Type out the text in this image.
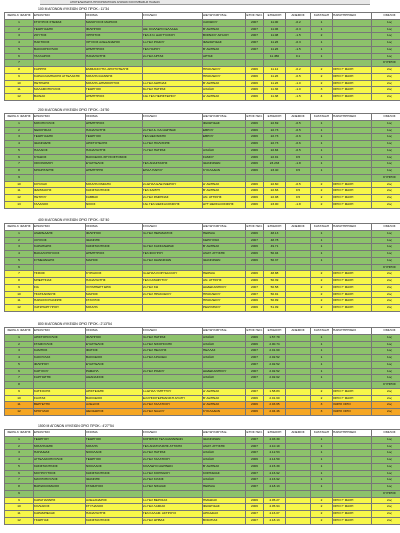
ΑΠΟΤΕΛΕΣΜΑΤΑ ΠΡΟΚΡΙΜΑΤΙΚΩΝ ΑΓΩΝΩΝ ΚΟΛΥΜΒΗΣΗΣ ΠΑΙΔΩΝ
100 Μ ΑΓΩΝΩΝ ΛΥΚΕΙΩΝ ΟΡΙΟ ΠΡΟΚ.: 11"34
ΣΕΙΡΑ Α' ΦΑΣΗΣ	ΕΠΩΝΥΜΟ	ΟΝΟΜΑ	ΣΧΟΛΕΙΟ	ΔΙΕΥΘΥΝΣΗ Β.Ε.	ΕΤΟΣ ΓΕΝ.	ΕΠΙΔΟΣΗ	ΑΝΕΜΟΣ	ΚΑΤΑΤΑΞΗ	ΠΑΡΑΤΗΡΗΣΕΙΣ	ΟΜΙΛΟΣ
1	ΣΤΟΥΡΟΣ ΣΤΕΦΑΣ	ΜΑΝΟΥΣΟΣ ΜΑΡΚΟΣ		ΛΑΣΙΘΙΟΥ	2007	11.00	-0.2	1		1ος
2	ΓΕΩΡΓΙΑΔΗΣ	ΦΙΛΙΠΠΟΣ	ΑΘ. ΚΟΛΛΕΓΙΟ ΕΛΛΑΔΑ	Β' ΑΘΗΝΑΣ	2007	11.06	-0.3	1		1ος
3	ΖΟΥΤΟΣ	ΧΡΗΣΤΟΣ	ΓΕΛ Ζ.Ν. ΔΑΚΤΥΛΙΚΟΥ	ΒΟΡΕΙΟΥ ΑΙΓΑΙΟΥ	2007	11.08	-1.5	2		1ος
4	ΠΑΚΤΙΚΟΣ	ΧΡΥΣΟΣ ΑΛΕΞΑΝΔΡΟΣ	1ο ΓΕΛ ΡΟΔΟΥ	ΦΑΘΙΩΤΙΔΑΣ	2007	11.26	-0.3	1		1ος
5	ΒΑΣΙΛΟΠΟΥΛΟΣ	ΔΗΜΗΤΡΙΟΣ	ΓΕΛ ΠΑΡΟΥ	Β' ΑΘΗΝΑΣ	2007	11.26	-1.5	1		1ος
6	ΤΑΛΛΑΡΟΣ	ΠΑΝΑΓΙΩΤΗΣ	2ο ΓΕΛ ΑΡΤΑΣ	ΑΡΤΑΣ		11.450	0.1	1		1ος
7										ΚΥΠΡΟΣ
8	ΣΑΡΡΗΣ	ΕΜΜΑΝΟΥΗΛ-ΑΡΙΣΤΟΤΕΛΗΣ		ΗΡΑΚΛΕΙΟΥ	2006	11.12	-0.2	2	ΟΡΙΟ Γ' ΦΑΣΗ	2ος
9	ΚΑΡΑΛΛΑΜΠΑΚΗΣ ΑΓΓΕΛΑΚΗΣ	ΜΙΧΑΗΛ ΙΩΑΝΝΗΣ		ΗΡΑΚΛΕΙΟΥ	2006	11.26	-0.5	2	ΟΡΙΟ Γ' ΦΑΣΗ	2ος
10	ΠΕΤΡΙΔΗΣ	ΜΙΧΑΗΛ-ΔΗΜΟΚΡΙΤΟΣ	1ο ΓΕΛ ΑΘΗΝΑΣ	Β' ΑΘΗΝΑΣ	2006	11.26	-1.0	2	ΟΡΙΟ Γ' ΦΑΣΗ	2ος
11	ΜΑΛΑΜΟΠΟΥΛΟΣ	ΓΕΩΡΓΙΟΣ	8ο ΓΕΛ ΠΑΤΡΑΣ	ΑΧΑΪΑΣ	2006	11.36	-1.0	3	ΟΡΙΟ Γ' ΦΑΣΗ	2ος
12	ΒΑΙΝΑΣ	ΔΗΜΗΤΡΙΟΣ	10ο ΓΕΛ ΠΕΡΙΣΤΕΡΙΟΥ	Δ' ΑΘΗΝΑΣ	2006	11.38	-1.5	4	ΟΡΙΟ Γ' ΦΑΣΗ	2ος
200 Μ ΑΓΩΝΩΝ ΛΥΚΕΙΩΝ ΟΡΙΟ ΠΡΟΚ.: 24"50
ΣΕΙΡΑ Α' ΦΑΣΗΣ	ΕΠΩΝΥΜΟ	ΟΝΟΜΑ	ΣΧΟΛΕΙΟ	ΔΙΕΥΘΥΝΣΗ Β.Ε.	ΕΤΟΣ ΓΕΝ.	ΕΠΙΔΟΣΗ	ΑΝΕΜΟΣ	ΚΑΤΑΤΑΞΗ	ΠΑΡΑΤΗΡΗΣΕΙΣ	ΟΜΙΛΟΣ
1	ΜΙΧΟΠΟΥΛΟΣ	ΔΗΜΗΤΡΙΟΣ		ΦΘΙΩΤΙΔΑΣ	2006	22.69	-0.5	1		1ος
2	ΝΕΣΚΗΣΙΑΣ	ΠΑΝΑΓΙΩΤΗΣ	2ο ΓΕΛ Δ. ΚΑΙ ΑΘΗΝΑΣ	ΕΒΡΟΥ	2006	22.73	-0.5	1		1ος
3	ΓΕΩΡΓΙΑΔΗΣ	ΓΕΩΡΓΙΟΣ	ΓΕΛ ΘΕΣ/ΝΙΚΗΣ	ΕΒΡΟΥ	2006	22.73	-0.6	1		1ος
4	ΙΩΑΝΝΙΔΗΣ	ΑΡΙΣΤΟΤΕΛΗΣ	1ο ΓΕΛ ΠΟΛΙΧΝΗΣ		2006	22.73	-0.6	1		1ος
5	ΠΑΛΑΙΟΣ	ΠΑΝΑΓΙΩΤΗΣ	7ο ΓΕΛ ΠΑΤΡΑΣ	ΑΧΑΪΑΣ	2006	22.84	-0.5	1		1ος
6	ΚΤΑΘΟΣ	ΒΑΣΙΛΕΙΟΣ-ΧΡΥΣΟΣΤΟΜΟΣ		ΣΑΜΟΥ	2006	22.91	0.5	1		1ος
7	ΟΙΚΟΝΟΜΟΥ	ΕΥΑΓΓΕΛΟΣ	ΓΕΛ ΑΝΑΣΤΑΣΗΣ	ΙΩΑΝΝΙΝΩΝ	2006	23.233	-1.8	1		1ος
8	ΜΠΑΡΙΤΑΡΗΣ	ΔΗΜΗΤΡΗΣ	ΕΠΑΛ ΠΑΡΟΥ	ΚΥΚΛΑΔΩΝ	2006	23.40	0.5	1		1ος
9										ΚΥΠΡΟΣ
10	ΚΟΥΛΙΑΣ	ΜΙΧΑΗΛ ΡΑΦΑΗΛ	2ο ΕΠΑΛ ΕΛΕΥΘΕΡΙΟΥ	Δ' ΑΘΗΝΑΣ	2006	22.60	-0.5	2	ΟΡΙΟ Γ' ΦΑΣΗ	2ος
11	ΦΑΡΜΑΚΗΣ	ΚΩΝΣΤΑΝΤΙΝΟΣ	ΓΕΛ ΣΑΡΡΗ	Β' ΑΘΗΝΑΣ	2006	22.66	0.5	2	ΟΡΙΟ Γ' ΦΑΣΗ	2ος
12	ΠΕΤΡΟΥ	ΣΑΒΒΑΣ	2ο ΓΕΛ ΡΑΦΗΝΑΣ	ΑΝ. ΑΤΤΙΚΗΣ	2006	22.98	0.5	2	ΟΡΙΟ Γ' ΦΑΣΗ	2ος
13	ΓΑΛΑΝΟΣ	ΝΙΚΟΣ	13ο ΓΕΛ ΘΕΣΣΑΛΟΝΙΚΗΣ	ΔΥΤ ΘΕΣΣΑΛΟΝΙΚΗΣ	2006	23.00	-1.8	2	ΟΡΙΟ Γ' ΦΑΣΗ	2ος
400 Μ ΑΓΩΝΩΝ ΛΥΚΕΙΩΝ ΟΡΙΟ ΠΡΟΚ.: 52"40
ΣΕΙΡΑ Α' ΦΑΣΗΣ	ΕΠΩΝΥΜΟ	ΟΝΟΜΑ	ΣΧΟΛΕΙΟ	ΔΙΕΥΘΥΝΣΗ Β.Ε.	ΕΤΟΣ ΓΕΝ.	ΕΠΙΔΟΣΗ	ΑΝΕΜΟΣ	ΚΑΤΑΤΑΞΗ	ΠΑΡΑΤΗΡΗΣΕΙΣ	ΟΜΙΛΟΣ
1	ΑΝΔΡΕΑΔΗΣ	ΦΙΛΙΠΠΟΣ	3ο ΓΕΛ ΠΕΡΑΜΑΤΟΣ	ΠΕΙΡΑΙΑ	2006	48.13		1		1ος
2	ΛΟΥΚΟΣ	ΙΩΑΝΝΗΣ		ΚΕΡΚΥΡΑΣ	2007	48.78		1		1ος
3	ΚΑΡΑΠΙΔΗΣ	ΚΩΝΣΤΑΝΤΙΝΟΣ	3ο ΓΕΛ ΚΑΣΣΑΝΔΡΑΣ	Β' ΑΘΗΝΑΣ	2006	49.71		1		1ος
4	ΒΑΚΑΛΟΠΟΥΛΟΣ	ΔΗΜΗΤΡΙΟΣ	ΓΕΛ ΦΙΛΥΡΟΥ	ΑΝΑΤ. ΑΤΤΙΚΗΣ	2006	50.04		1		1ος
5	ΣΥΜΕΩΝΙΔΗΣ	ΜΑΡΙΟΣ	3ο ΓΕΛ ΙΩΑΝΝΙΝΩΝ	ΙΩΑΝΝΙΝΩΝ	2006	50.37		1		1ος
6										ΚΥΠΡΟΣ
7	ΤΣΙΚΟΣ	ΚΥΡΙΑΚΟΣ	3ο ΕΠΑΛ ΚΟΡΥΔΑΛΛΟΥ	ΠΕΙΡΑΙΑ	2006	48.88		2	ΟΡΙΟ Γ' ΦΑΣΗ	2ος
8	ΜΠΕΡΤΣΙΑΣ	ΠΑΝΑΓΙΩΤΗΣ	ΓΕΛ ΚΑΤΑΦΥΤΟΥ	ΑΝ. ΑΤΤΙΚΗΣ	2006	50.39		2	ΟΡΙΟ Γ' ΦΑΣΗ	2ος
9	ΣΙΑ	ΧΟΥΜΠΕΡΤ ΕΡΙΚ	2ο ΓΕΛ ΚΩ	ΔΩΔΕΚΑΝΗΣΟΥ	2007	50.58		2	ΟΡΙΟ Γ' ΦΑΣΗ	2ος
10	ΤΣΑΤΣΑΡΑΚΗΣ	ΜΑΡΙΟΣ	2ο ΓΕΛ ΗΡΑΚΛΕΙΟΥ	ΗΡΑΚΛΕΙΟΥ	2007	50.91		2	ΟΡΙΟ Γ' ΦΑΣΗ	2ος
11	ΠΑΡΑΣΧΟΓΙΑΝΝΗΣ	ΣΤΑΥΡΟΣ		ΗΡΑΚΛΕΙΟΥ	2006	50.99		2	ΟΡΙΟ Γ' ΦΑΣΗ	2ος
12	ΧΑΤΖΗΑΡΓΥΡΙΟΥ	ΜΙΧΑΗΛ		ΡΕΘΥΜΝΟΥ	2006	51.09		2	ΟΡΙΟ Γ' ΦΑΣΗ	2ος
800 Μ ΑΓΩΝΩΝ ΛΥΚΕΙΩΝ ΟΡΙΟ ΠΡΟΚ.: 2'13"54
ΣΕΙΡΑ Α' ΦΑΣΗΣ	ΕΠΩΝΥΜΟ	ΟΝΟΜΑ	ΣΧΟΛΕΙΟ	ΔΙΕΥΘΥΝΣΗ Β.Ε.	ΕΤΟΣ ΓΕΝ.	ΕΠΙΔΟΣΗ	ΑΝΕΜΟΣ	ΚΑΤΑΤΑΞΗ	ΠΑΡΑΤΗΡΗΣΕΙΣ	ΟΜΙΛΟΣ
1	ΑΡΙΣΤΟΠΟΥΛΟΣ	ΦΙΛΙΠΠΟΣ	3ο ΓΕΛ ΠΑΤΡΑΣ	ΑΧΑΪΑΣ	2006	1.57.79		1		1ος
2	ΣΤΑΜΟΥΛΟΣ	ΕΥΑΓΓΕΛΟΣ	1ο ΓΕΛ ΝΙΚΟΠΟΛΗΣ	ΑΧΑΪΑΣ	2006	2.00.74		1		1ος
3	ΚΑΜΠΟΣ	ΦΩΤΙΟΣ	2ο ΓΕΛ ΠΕΛΛΗΣ	ΠΕΛΛΑΣ	2007	2.01.60		1		1ος
4	ΚΑΚΟΥΛΑΣ	ΒΑΣΙΛΕΙΟΣ	1ο ΓΕΛ ΑΙΓΑΛΕΩ	ΑΧΑΪΑΣ	2007	2.02.52		1		1ος
5	ΦΙΛΙΠΠΟΥ	ΕΥΑΓΓΕΛΟΣ			2007	2.02.52		1		1ος
6	ΚΑΡΥΚΟΥ	ΡΑΦΑΗΛ	2ο ΓΕΛ ΡΟΔΟΥ	ΔΩΔΕΚΑΝΗΣΟΥ	2007	2.02.52		1		1ος
7	ΣΑΡΓΙΩΤΗΣ	ΑΘΑΝΑΣΙΟΣ		ΑΧΑΪΑΣ	2007	2.02.62		1		1ος
8										ΚΥΠΡΟΣ
9	ΚΑΤΣΟΛΗΣ	ΑΡΙΣΤΕΙΔΗΣ	1ο ΕΠΑΛ ΥΜΗΤΤΟΥ	Δ' ΑΘΗΝΑΣ	2007	1.58.83		2	ΟΡΙΟ Γ' ΦΑΣΗ	2ος
10	ΣΑΛΤΑΣ	ΒΑΣΙΛΕΙΟΣ	ΕΛΛΗΝΟΓΕΡΜΑΝΙΚΗ ΑΓΩΓΗ	Β' ΑΘΗΝΑΣ	2006	2.01.60		2	ΟΡΙΟ Γ' ΦΑΣΗ	2ος
11	ΒΕΡΓΕΤΗΣ	ΑΛΕΞΙΟΣ	2ο ΓΕΛ ΓΑΛΑΤΣΙΟΥ	Δ' ΑΘΗΝΑΣ	2006	2.03.65		3	ΧΩΡΙΣ ΟΡΙΟ	2ος
12	ΜΠΟΥΖΑΣ	ΘΕΟΔΩΡΟΣ	2ο ΓΕΛ ΝΑΞΟΥ	ΚΥΚΛΑΔΩΝ	2006	2.04.46		3	ΧΩΡΙΣ ΟΡΙΟ	2ος
1500 Μ ΑΓΩΝΩΝ ΛΥΚΕΙΩΝ ΟΡΙΟ ΠΡΟΚ.: 4'27"54
ΣΕΙΡΑ Α' ΦΑΣΗΣ	ΕΠΩΝΥΜΟ	ΟΝΟΜΑ	ΣΧΟΛΕΙΟ	ΔΙΕΥΘΥΝΣΗ Β.Ε.	ΕΤΟΣ ΓΕΝ.	ΕΠΙΔΟΣΗ	ΑΝΕΜΟΣ	ΚΑΤΑΤΑΞΗ	ΠΑΡΑΤΗΡΗΣΕΙΣ	ΟΜΙΛΟΣ
1	ΓΕΩΡΓΙΟΥ	ΓΕΩΡΓΙΟΣ	ΚΟΠΙΡΙΝΟ ΓΕΛ ΙΩΑΝΝΙΝΩΝ	ΙΩΑΝΝΙΝΩΝ	2007	4.03.30		1		1ος
2	ΜΙΧΑΗΛΙΔΗΣ	ΜΙΧΑΗΛ	ΓΕΛ ΑΝΑΤΟΛΙΚΗΣ ΑΤΤΙΚΗΣ	ΑΝΑΤ. ΑΤΤΙΚΗΣ	2007	4.10.19		1		1ος
3	ΠΑΠΑΔΙΑΣ	ΝΙΚΟΛΑΟΣ	2ο ΓΕΛ ΠΑΤΡΑΣ	ΑΧΑΪΑΣ	2007	4.12.53		1		1ος
4	ΑΓΓΕΛΑΚΟΠΟΥΛΟΣ	ΓΕΩΡΓΙΟΣ	2ο ΓΕΛ ΓΑΛΑΤΣΙΟΥ	ΑΧΑΪΑΣ	2006	4.14.50		1		1ος
5	ΚΩΝΣΤΑΝΤΙΝΟΣ	ΝΙΚΟΛΑΟΣ	ΚΟΛΛΕΓΙΟ ΑΘΗΝΩΝ	Β' ΑΘΗΝΑΣ	2006	4.15.39		1		1ος
6	ΜΟΥΡΟΥΤΣΟΣ	ΚΩΝΣΤΑΝΤΙΝΟΣ	1ο ΓΕΛ ΚΟΡΙΝΘΟΥ	ΚΟΡΙΝΘΙΑΣ	2007	4.16.92		1		1ος
7	ΜΑΥΡΟΠΟΥΛΟΣ	ΙΩΑΝΝΗΣ	2ο ΓΕΛ ΚΙΛΚΙΣ	ΑΧΑΪΑΣ	2007	4.16.92		1		1ος
8	ΒΑΡΘΟΛΟΜΑΙΟΣ	ΣΤΑΜΑΤΙΟΣ	1ο ΓΕΛ ΝΙΚΑΙΑΣ	ΠΕΙΡΑΙΑ	2007	4.18.13		1		1ος
9										ΚΥΠΡΟΣ
9	ΚΑΡΑΓΙΑΝΝΗΣ	ΑΛΕΞΑΝΔΡΟΣ	1ο ΓΕΛ ΒΕΡΟΙΑΣ	ΗΜΑΘΙΑΣ	2006	4.05.27		2	ΟΡΙΟ Γ' ΦΑΣΗ	2ος
10	ΚΟΛΙΑΚΟΣ	ΣΤΥΛΙΑΝΟΣ	2ο ΓΕΛ ΛΑΜΙΑΣ	ΦΘΙΩΤΙΔΑΣ	2006	4.05.94		2	ΟΡΙΟ Γ' ΦΑΣΗ	2ος
11	ΚΑΡΑΜΠΕΛΑΣ	ΠΑΝΑΓΙΩΤΗΣ	ΓΕΛ ΚΑΛΑΜ. ΑΣΤΡΟΥΣ	ΑΡΚΑΔΙΑΣ	2007	4.16.07		2	ΟΡΙΟ Γ' ΦΑΣΗ	2ος
12	ΓΚΩΡΓΙΑΣ	ΚΩΝΣΤΑΝΤΙΝΟΣ	2ο ΓΕΛ ΘΗΒΑΣ	ΒΟΙΩΤΙΑΣ	2007	4.18.13		2	ΟΡΙΟ Γ' ΦΑΣΗ	2ος
